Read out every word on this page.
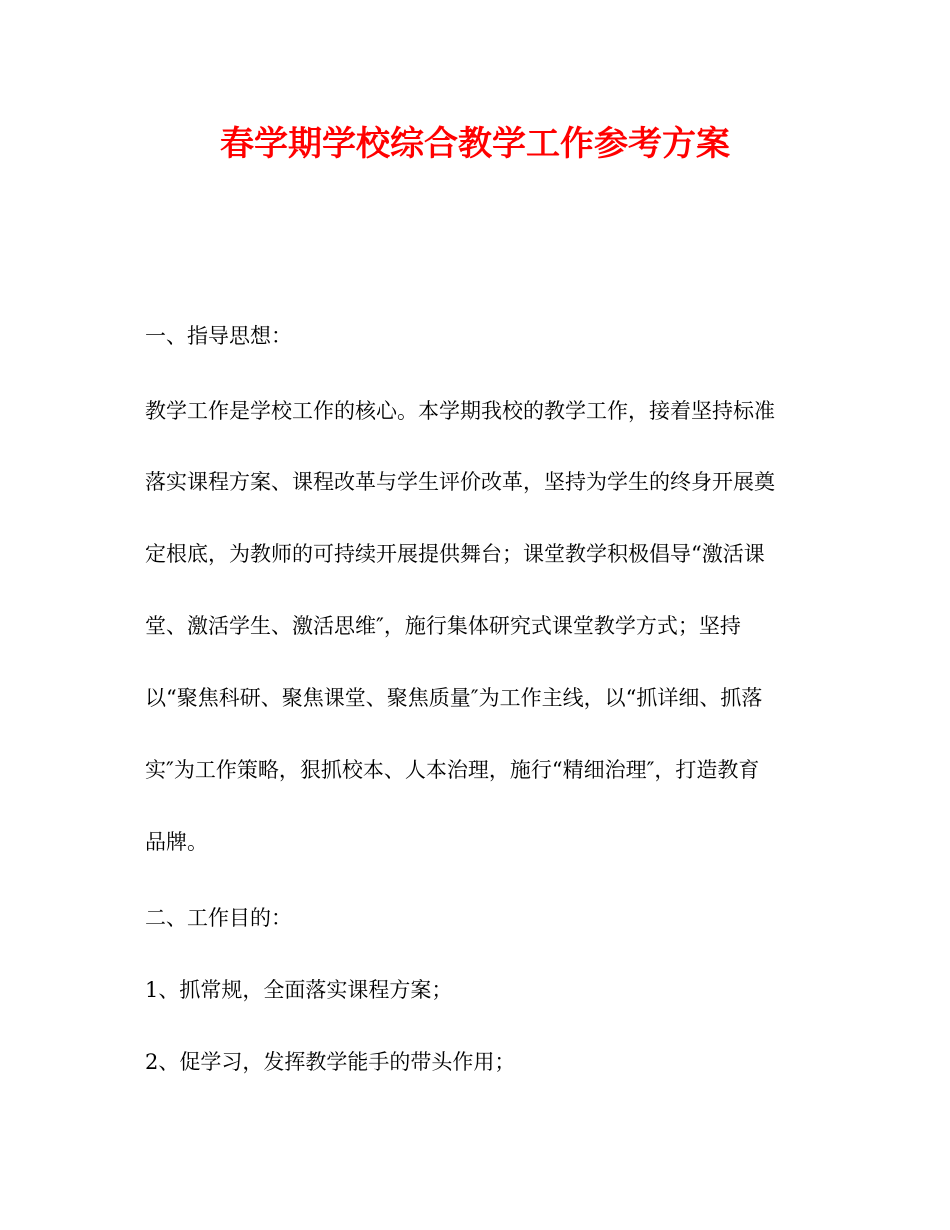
春学期学校综合教学工作参考方案
一、指导思想：
教学工作是学校工作的核心。本学期我校的教学工作，接着坚持标准
落实课程方案、课程改革与学生评价改革，坚持为学生的终身开展奠
定根底，为教师的可持续开展提供舞台；课堂教学积极倡导“激活课
堂、激活学生、激活思维″，施行集体研究式课堂教学方式；坚持
以“聚焦科研、聚焦课堂、聚焦质量″为工作主线，以“抓详细、抓落
实″为工作策略，狠抓校本、人本治理，施行“精细治理″，打造教育
品牌。
二、工作目的：
1、抓常规，全面落实课程方案；
2、促学习，发挥教学能手的带头作用；
